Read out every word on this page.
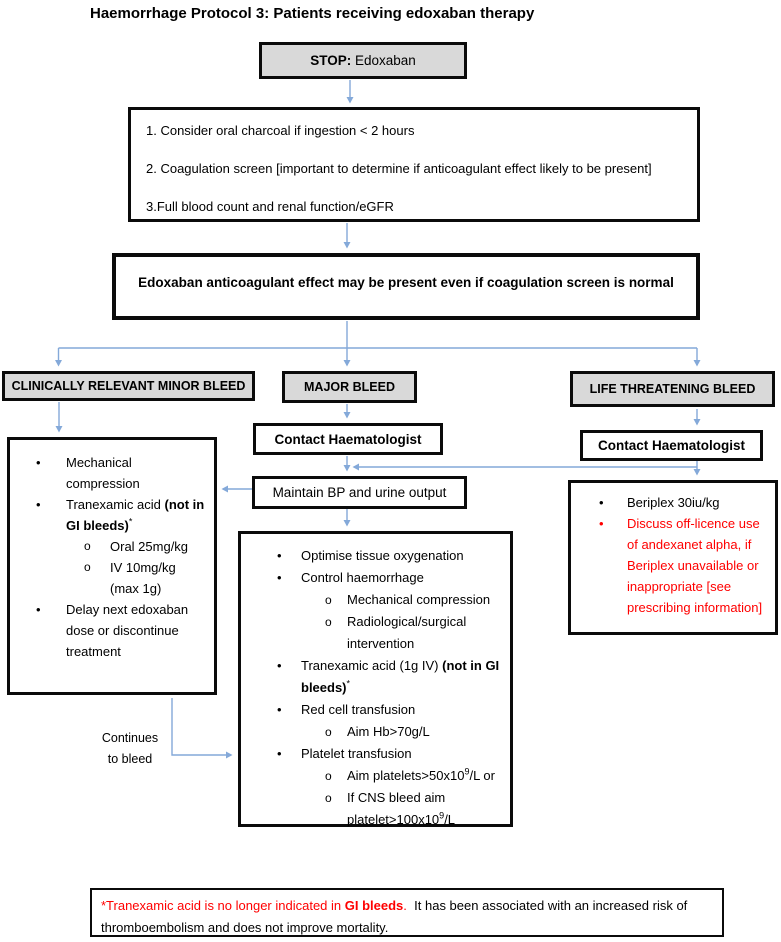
Haemorrhage Protocol 3: Patients receiving edoxaban therapy
STOP: Edoxaban

1. Consider oral charcoal if ingestion < 2 hours

2. Coagulation screen [important to determine if anticoagulant effect likely to be present]

3.Full blood count and renal function/eGFR

Edoxaban anticoagulant effect may be present even if coagulation screen is normal
CLINICALLY RELEVANT MINOR BLEED	MAJOR BLEED	LIFE THREATENING BLEED
Contact Haematologist	Contact Haematologist
Maintain BP and urine output
•	Mechanical compression
•	Tranexamic acid (not in GI bleeds)*
o	Oral 25mg/kg
o	IV 10mg/kg (max 1g)
•	Delay next edoxaban dose or discontinue treatment
Continues
to bleed
•	Optimise tissue oxygenation
•	Control haemorrhage
o	Mechanical compression
o	Radiological/surgical intervention
•	Tranexamic acid (1g IV) (not in GI bleeds)*
•	Red cell transfusion
o	Aim Hb>70g/L
•	Platelet transfusion
o	Aim $platelets>50x10^9/L$ or
o	If CNS bleed aim $platelet>100x10^9/L$
•	Beriplex 30iu/kg
•	Discuss off-licence use of andexanet alpha, if Beriplex unavailable or inappropriate [see prescribing information]
*Tranexamic acid is no longer indicated in GI bleeds.  It has been associated with an increased risk of thromboembolism and does not improve mortality.
